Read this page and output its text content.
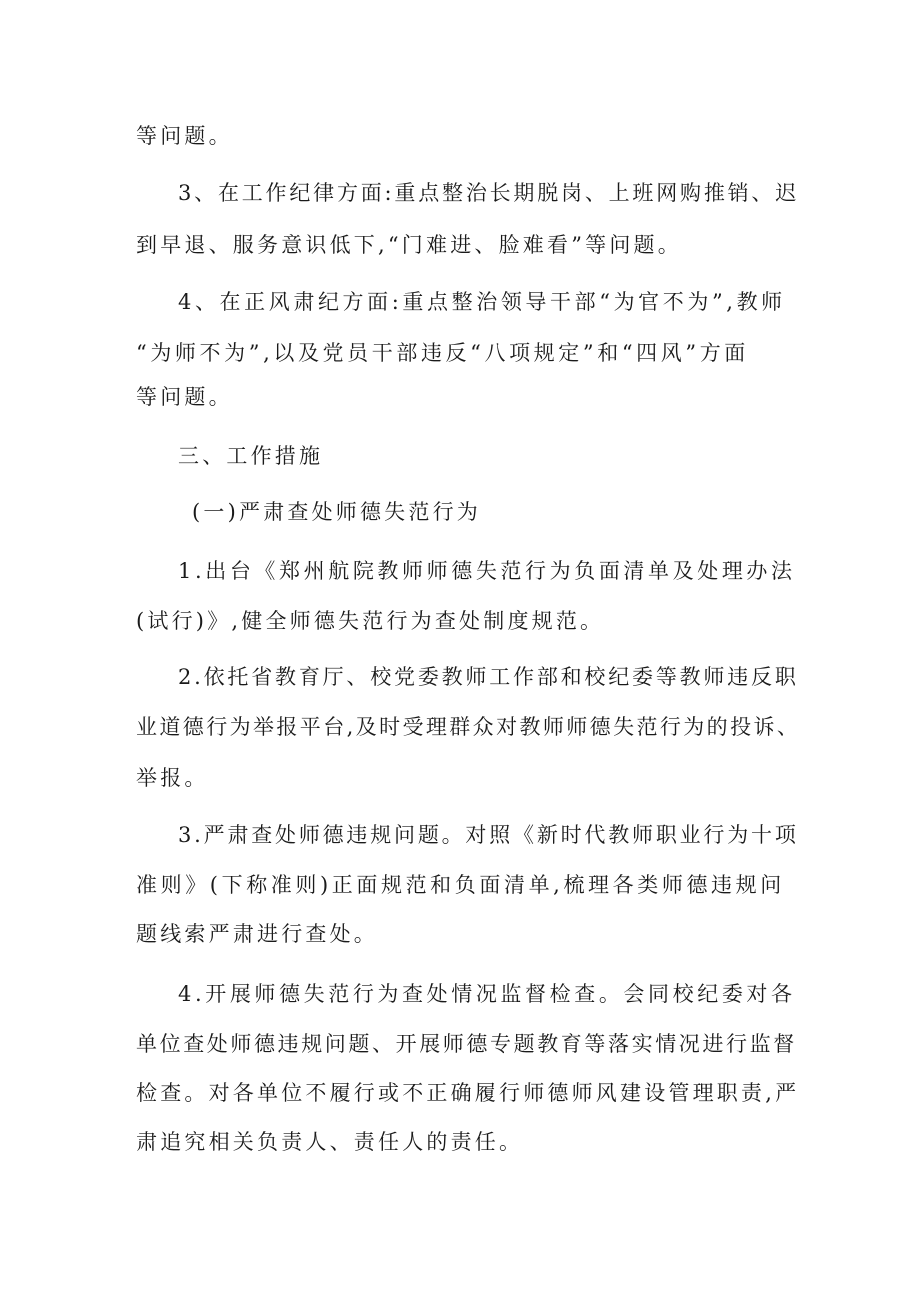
等问题。
3、在工作纪律方面:重点整治长期脱岗、上班网购推销、迟
到早退、服务意识低下,“门难进、脸难看”等问题。
4、在正风肃纪方面:重点整治领导干部“为官不为”,教师
“为师不为”,以及党员干部违反“八项规定”和“四风”方面
等问题。
三、工作措施
(一)严肃查处师德失范行为
1.出台《郑州航院教师师德失范行为负面清单及处理办法
(试行)》,健全师德失范行为查处制度规范。
2.依托省教育厅、校党委教师工作部和校纪委等教师违反职
业道德行为举报平台,及时受理群众对教师师德失范行为的投诉、
举报。
3.严肃查处师德违规问题。对照《新时代教师职业行为十项
准则》(下称准则)正面规范和负面清单,梳理各类师德违规问
题线索严肃进行查处。
4.开展师德失范行为查处情况监督检查。会同校纪委对各
单位查处师德违规问题、开展师德专题教育等落实情况进行监督
检查。对各单位不履行或不正确履行师德师风建设管理职责,严
肃追究相关负责人、责任人的责任。
